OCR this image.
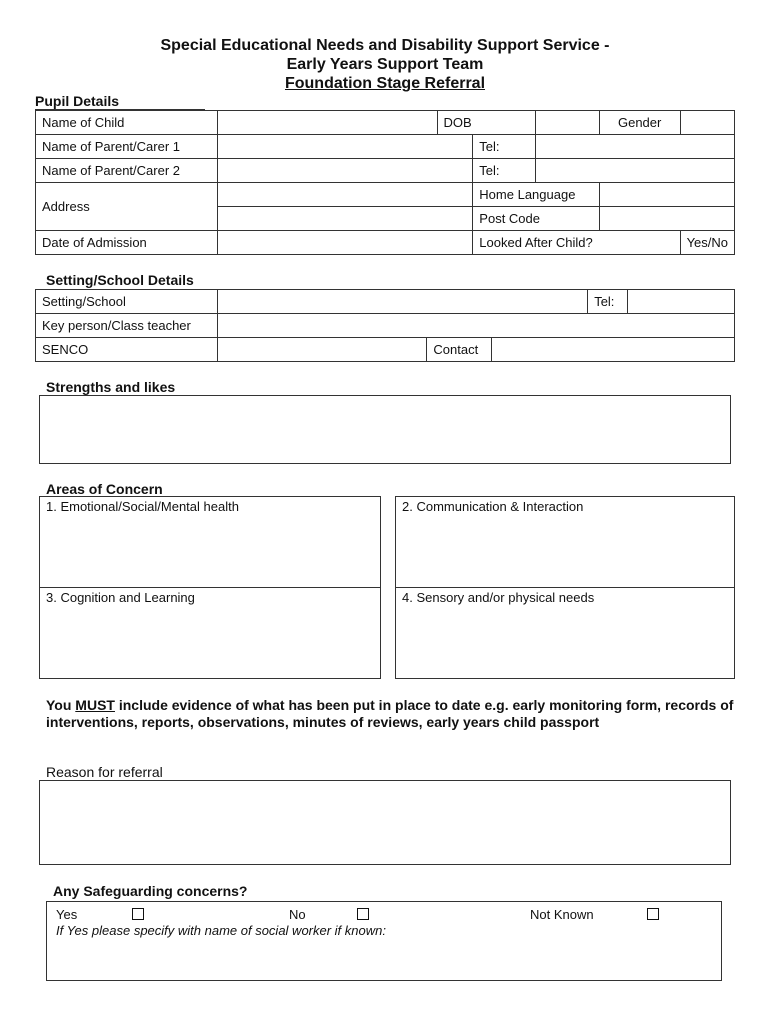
Special Educational Needs and Disability Support Service -
Early Years Support Team
Foundation Stage Referral
Pupil Details
Name of Child		DOB			Gender	
Name of Parent/Carer 1			Tel:			
Name of Parent/Carer 2			Tel:			
Address			Home Language			
			Post Code			
Date of Admission			Looked After Child?			Yes/No
Setting/School Details
Setting/School				Tel:	
Key person/Class teacher					
SENCO		Contact			
Strengths and likes
Areas of Concern
1. Emotional/Social/Mental health
3. Cognition and Learning
2. Communication & Interaction
4. Sensory and/or physical needs
You MUST include evidence of what has been put in place to date e.g. early monitoring form, records of interventions, reports, observations, minutes of reviews, early years child passport
Reason for referral
Any Safeguarding concerns?
Yes	No	Not Known
If Yes please specify with name of social worker if known:
